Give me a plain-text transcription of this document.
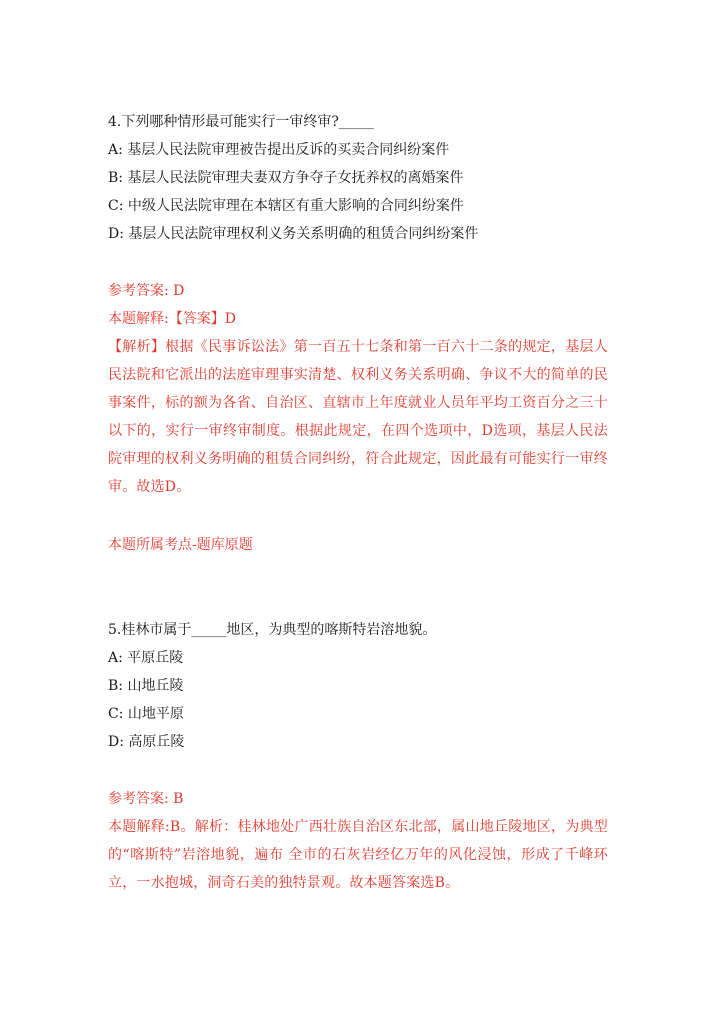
4.下列哪种情形最可能实行一审终审?_____
A: 基层人民法院审理被告提出反诉的买卖合同纠纷案件
B: 基层人民法院审理夫妻双方争夺子女抚养权的离婚案件
C: 中级人民法院审理在本辖区有重大影响的合同纠纷案件
D: 基层人民法院审理权利义务关系明确的租赁合同纠纷案件
参考答案: D
本题解释:【答案】D
【解析】根据《民事诉讼法》第一百五十七条和第一百六十二条的规定，基层人民法院和它派出的法庭审理事实清楚、权利义务关系明确、争议不大的简单的民事案件，标的额为各省、自治区、直辖市上年度就业人员年平均工资百分之三十以下的，实行一审终审制度。根据此规定，在四个选项中，D选项，基层人民法院审理的权利义务明确的租赁合同纠纷，符合此规定，因此最有可能实行一审终审。故选D。
本题所属考点-题库原题
5.桂林市属于_____地区，为典型的喀斯特岩溶地貌。
A: 平原丘陵
B: 山地丘陵
C: 山地平原
D: 高原丘陵
参考答案: B
本题解释:B。解析：桂林地处广西壮族自治区东北部，属山地丘陵地区，为典型的“喀斯特”岩溶地貌，遍布 全市的石灰岩经亿万年的风化浸蚀，形成了千峰环立，一水抱城，洞奇石美的独特景观。故本题答案选B。
